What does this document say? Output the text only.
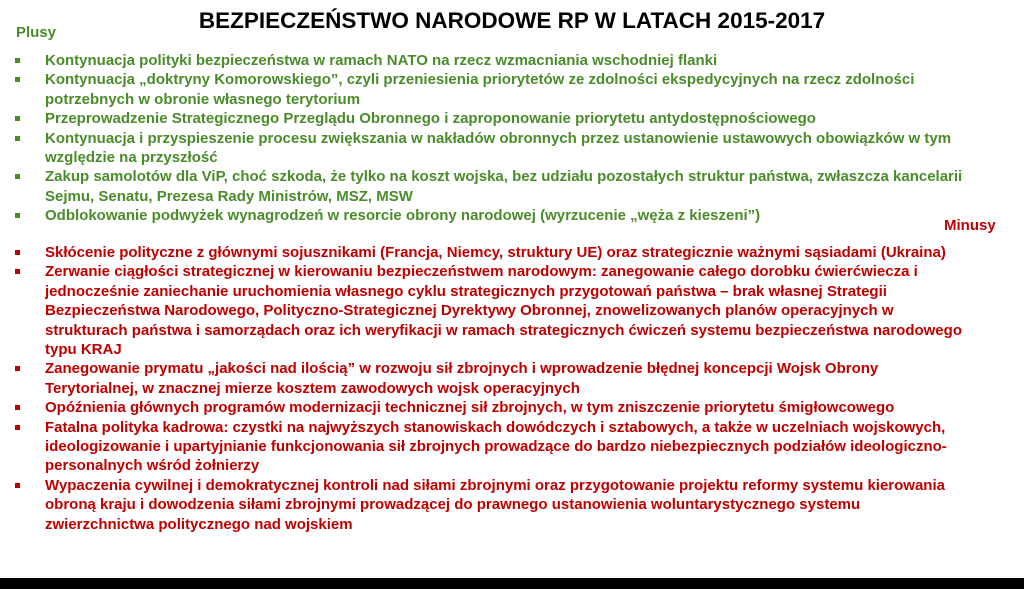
BEZPIECZEŃSTWO NARODOWE RP W LATACH 2015-2017
Plusy
Kontynuacja polityki bezpieczeństwa w ramach NATO na rzecz wzmacniania wschodniej flanki
Kontynuacja „doktryny Komorowskiego”, czyli przeniesienia priorytetów ze zdolności ekspedycyjnych na rzecz zdolności potrzebnych w obronie własnego terytorium
Przeprowadzenie Strategicznego Przeglądu Obronnego i zaproponowanie priorytetu antydostępnościowego
Kontynuacja i przyspieszenie procesu zwiększania w nakładów obronnych przez ustanowienie ustawowych obowiązków w tym względzie na przyszłość
Zakup samolotów dla ViP, choć szkoda, że tylko na koszt wojska, bez udziału pozostałych struktur państwa, zwłaszcza kancelarii Sejmu, Senatu, Prezesa Rady Ministrów, MSZ, MSW
Odblokowanie podwyżek wynagrodzeń w resorcie obrony narodowej (wyrzucenie „węża z kieszeni”)
Minusy
Skłócenie polityczne z głównymi sojusznikami (Francja, Niemcy, struktury UE) oraz strategicznie ważnymi sąsiadami (Ukraina)
Zerwanie ciągłości strategicznej w kierowaniu bezpieczeństwem narodowym: zanegowanie całego dorobku ćwierćwiecza i jednocześnie zaniechanie uruchomienia własnego cyklu strategicznych przygotowań państwa – brak własnej Strategii Bezpieczeństwa Narodowego, Polityczno-Strategicznej Dyrektywy Obronnej, znowelizowanych planów operacyjnych w strukturach państwa i samorządach oraz ich weryfikacji w ramach strategicznych ćwiczeń systemu bezpieczeństwa narodowego typu KRAJ
Zanegowanie prymatu „jakości nad ilością” w rozwoju sił zbrojnych i wprowadzenie błędnej koncepcji Wojsk Obrony Terytorialnej, w znacznej mierze kosztem zawodowych wojsk operacyjnych
Opóźnienia głównych programów modernizacji technicznej sił zbrojnych, w tym zniszczenie priorytetu śmigłowcowego
Fatalna polityka kadrowa: czystki na najwyższych stanowiskach dowódczych i sztabowych, a także w uczelniach wojskowych, ideologizowanie i upartyjnianie funkcjonowania sił zbrojnych prowadzące do bardzo niebezpiecznych podziałów ideologiczno-personalnych wśród żołnierzy
Wypaczenia cywilnej i demokratycznej kontroli nad siłami zbrojnymi oraz przygotowanie projektu reformy systemu kierowania obroną kraju i dowodzenia siłami zbrojnymi prowadzącej do prawnego ustanowienia woluntarystycznego systemu zwierzchnictwa politycznego nad wojskiem
